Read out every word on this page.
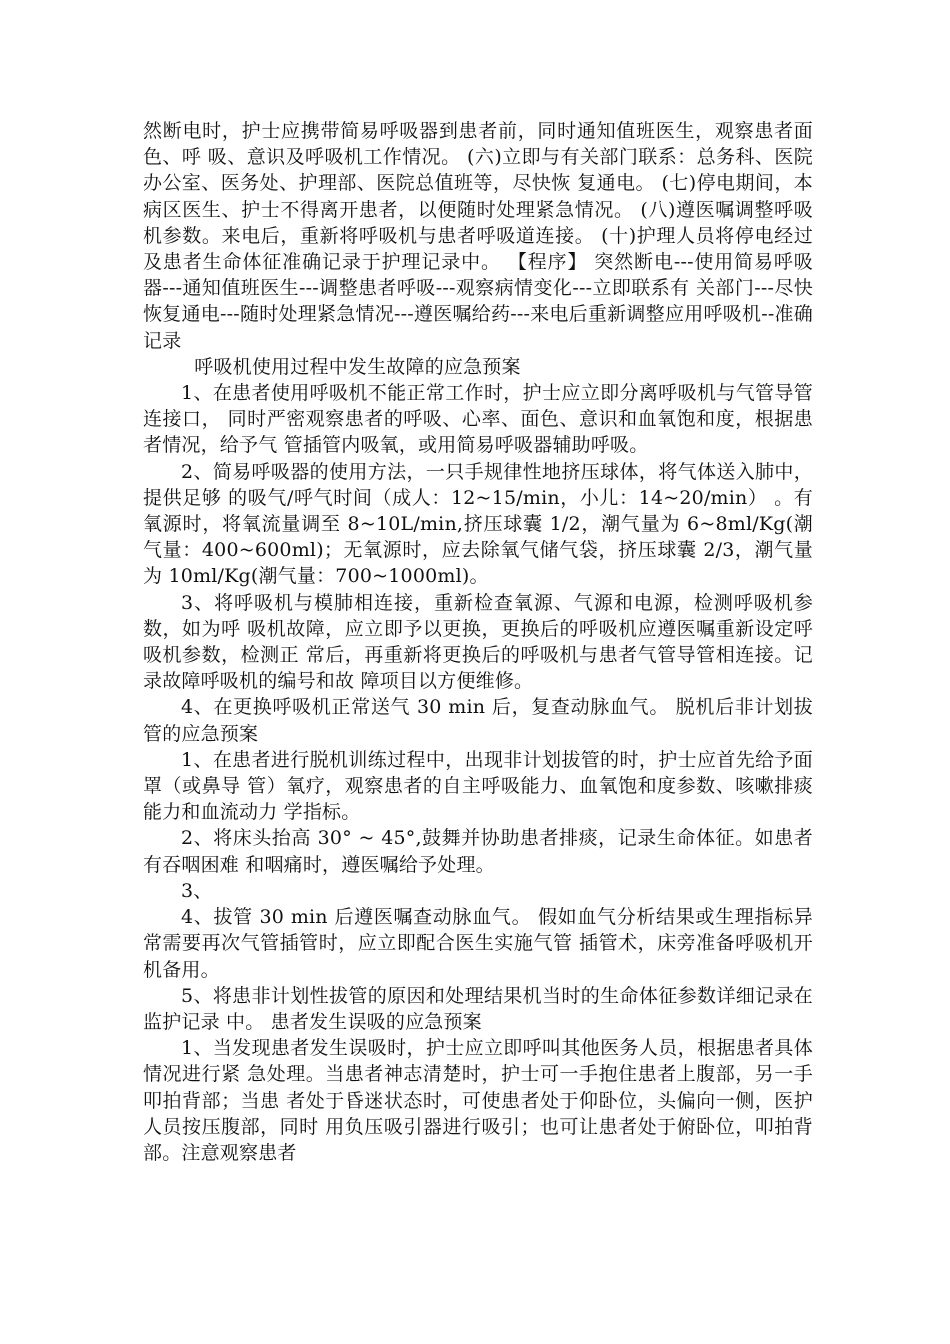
然断电时，护士应携带简易呼吸器到患者前，同时通知值班医生，观察患者面色、呼 吸、意识及呼吸机工作情况。 (六)立即与有关部门联系：总务科、医院办公室、医务处、护理部、医院总值班等，尽快恢 复通电。 (七)停电期间，本病区医生、护士不得离开患者，以便随时处理紧急情况。 (八)遵医嘱调整呼吸机参数。来电后，重新将呼吸机与患者呼吸道连接。 (十)护理人员将停电经过及患者生命体征准确记录于护理记录中。 【程序】 突然断电---使用简易呼吸器---通知值班医生---调整患者呼吸---观察病情变化---立即联系有 关部门---尽快恢复通电---随时处理紧急情况---遵医嘱给药---来电后重新调整应用呼吸机--准确记录

呼吸机使用过程中发生故障的应急预案

1、在患者使用呼吸机不能正常工作时，护士应立即分离呼吸机与气管导管连接口， 同时严密观察患者的呼吸、心率、面色、意识和血氧饱和度，根据患者情况，给予气 管插管内吸氧，或用简易呼吸器辅助呼吸。

2、简易呼吸器的使用方法，一只手规律性地挤压球体，将气体送入肺中，提供足够 的吸气/呼气时间（成人：12~15/min，小儿：14~20/min） 。有氧源时，将氧流量调至 8~10L/min,挤压球囊 1/2，潮气量为 6~8ml/Kg(潮气量：400~600ml)；无氧源时，应去除氧气储气袋，挤压球囊 2/3，潮气量为 10ml/Kg(潮气量：700~1000ml)。

3、将呼吸机与模肺相连接，重新检查氧源、气源和电源，检测呼吸机参数，如为呼 吸机故障，应立即予以更换，更换后的呼吸机应遵医嘱重新设定呼吸机参数，检测正 常后，再重新将更换后的呼吸机与患者气管导管相连接。记录故障呼吸机的编号和故 障项目以方便维修。

4、在更换呼吸机正常送气 30 min 后，复查动脉血气。 脱机后非计划拔管的应急预案

1、在患者进行脱机训练过程中，出现非计划拔管的时，护士应首先给予面罩（或鼻导 管）氧疗，观察患者的自主呼吸能力、血氧饱和度参数、咳嗽排痰能力和血流动力 学指标。

2、将床头抬高 30° ~ 45°,鼓舞并协助患者排痰，记录生命体征。如患者有吞咽困难 和咽痛时，遵医嘱给予处理。

3、

4、拔管 30 min 后遵医嘱查动脉血气。 假如血气分析结果或生理指标异常需要再次气管插管时，应立即配合医生实施气管 插管术，床旁准备呼吸机开机备用。

5、将患非计划性拔管的原因和处理结果机当时的生命体征参数详细记录在监护记录 中。 患者发生误吸的应急预案

1、当发现患者发生误吸时，护士应立即呼叫其他医务人员，根据患者具体情况进行紧 急处理。当患者神志清楚时，护士可一手抱住患者上腹部，另一手叩拍背部；当患 者处于昏迷状态时，可使患者处于仰卧位，头偏向一侧，医护人员按压腹部，同时 用负压吸引器进行吸引；也可让患者处于俯卧位，叩拍背部。注意观察患者
